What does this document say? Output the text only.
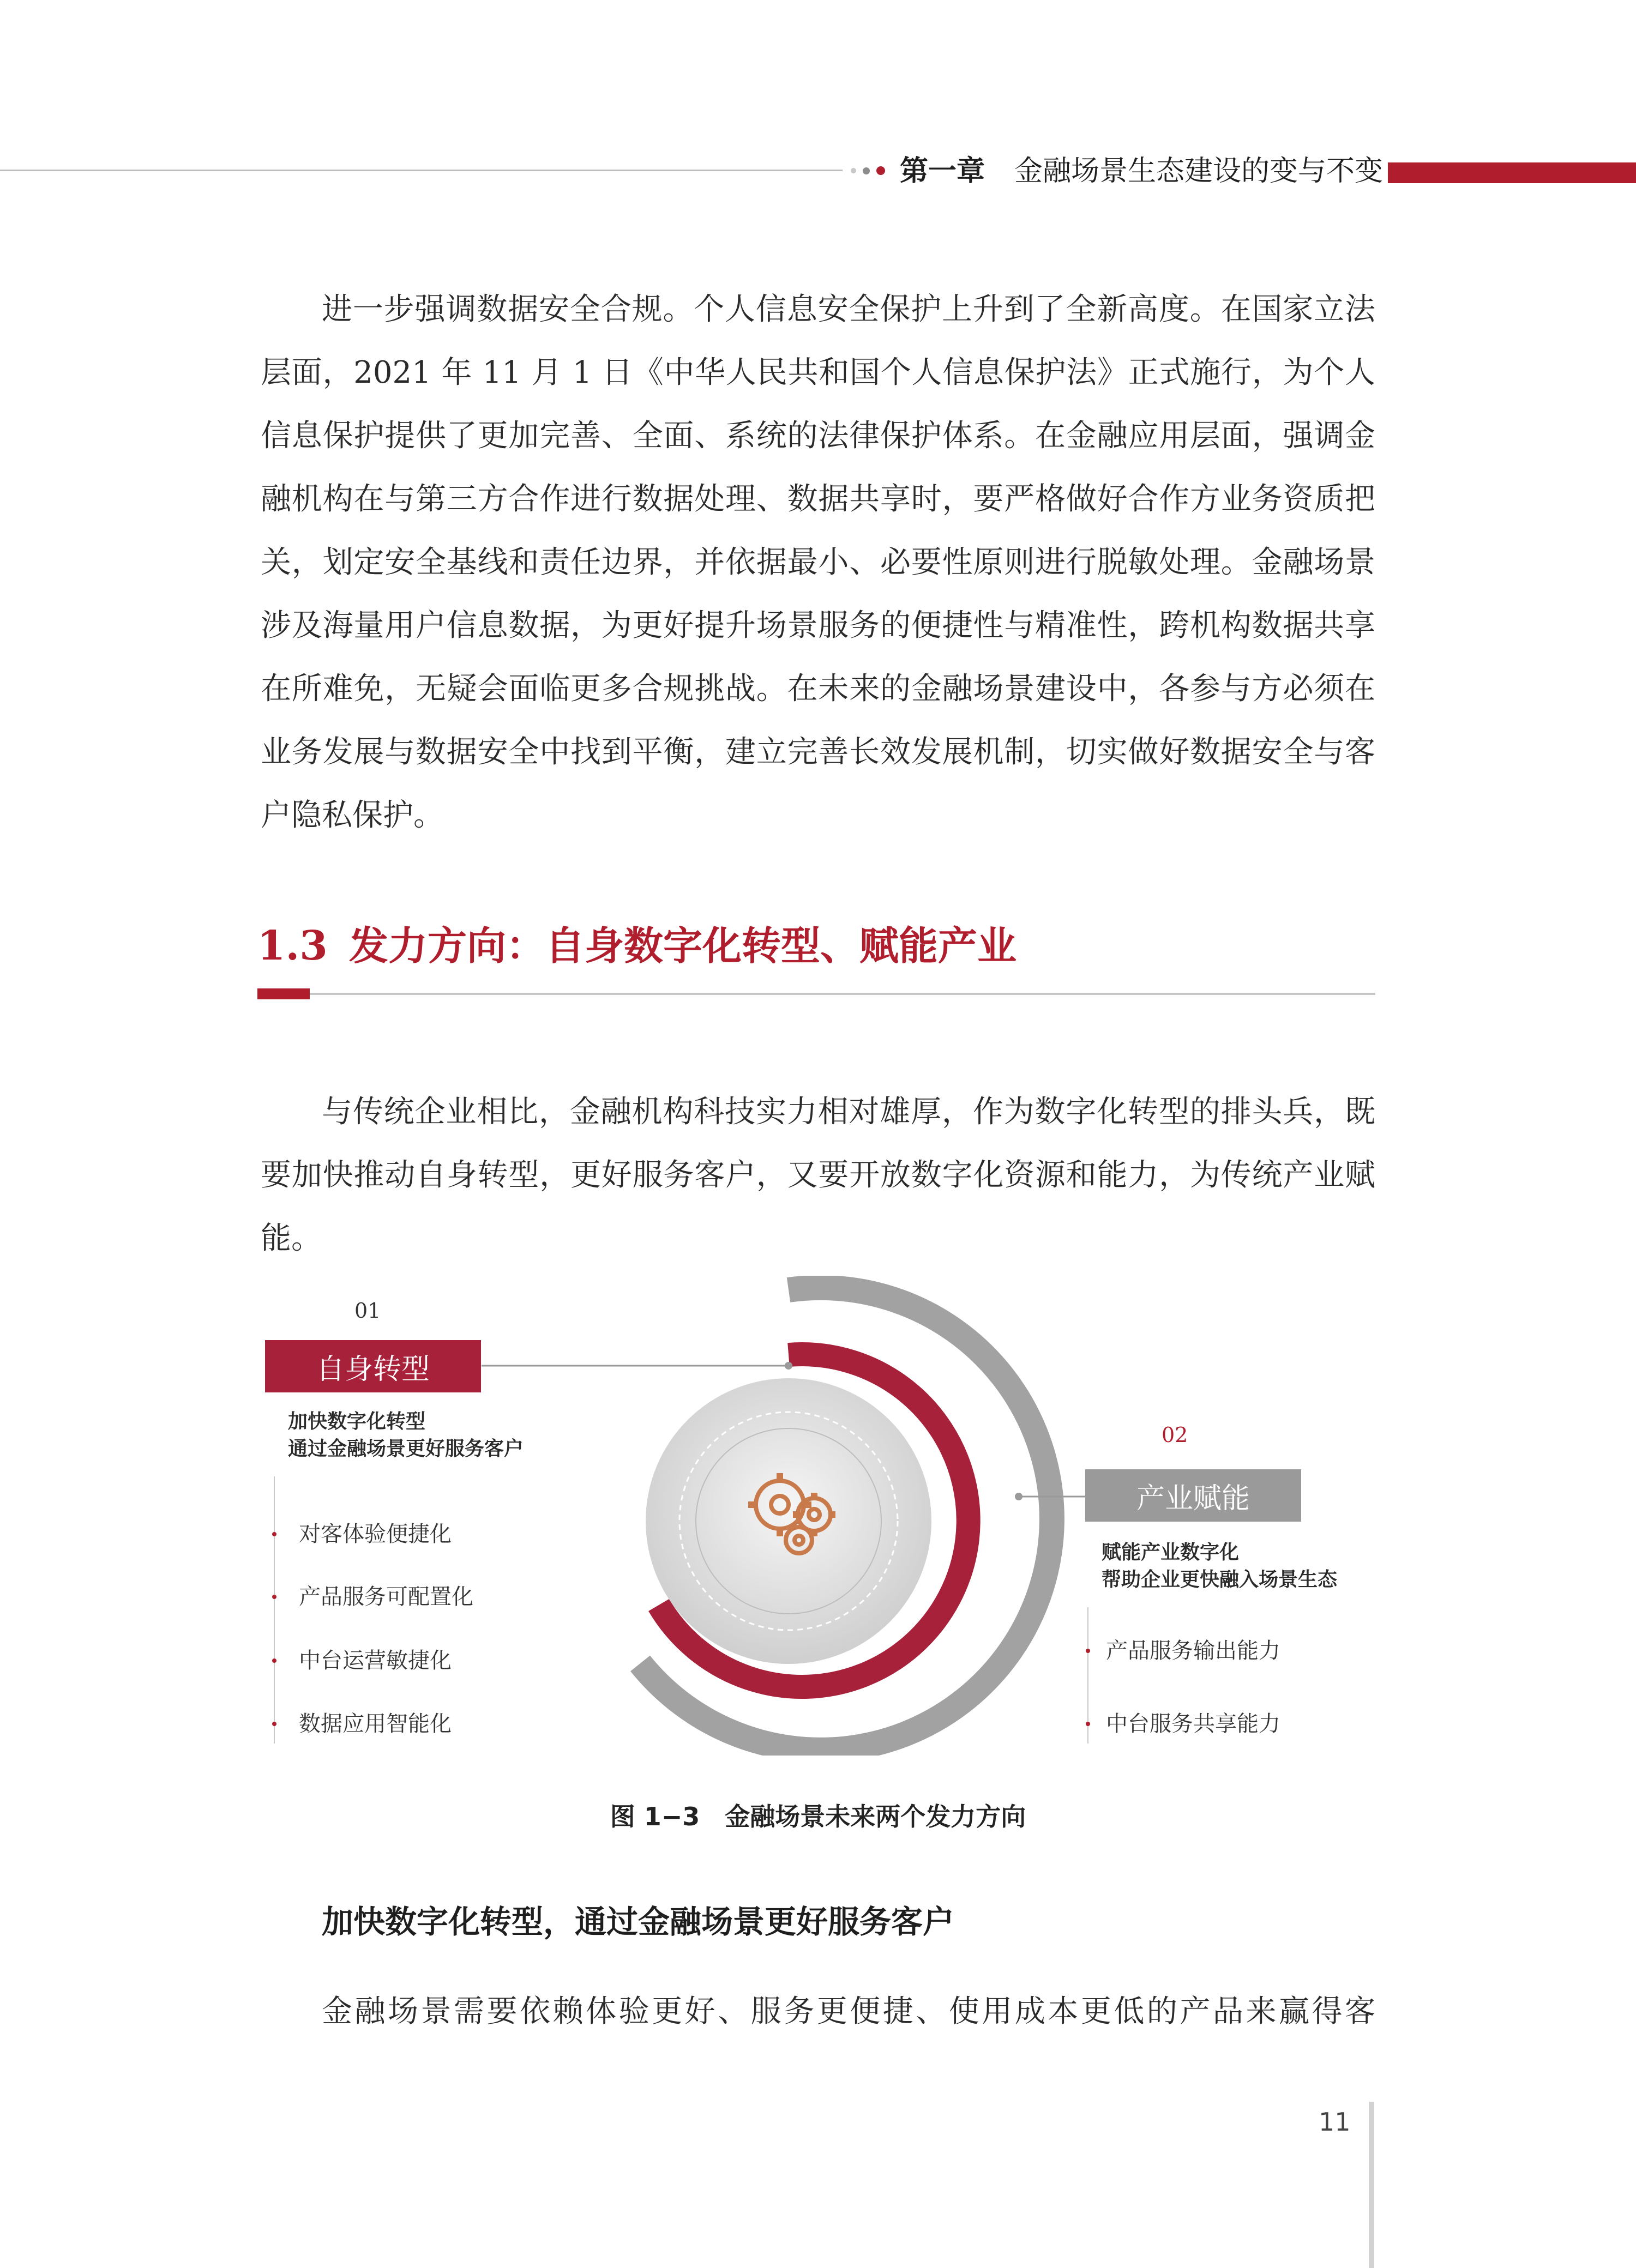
第一章 金融场景生态建设的变与不变

进一步强调数据安全合规。个人信息安全保护上升到了全新高度。在国家立法层面，2021 年 11 月 1 日《中华人民共和国个人信息保护法》正式施行，为个人信息保护提供了更加完善、全面、系统的法律保护体系。在金融应用层面，强调金融机构在与第三方合作进行数据处理、数据共享时，要严格做好合作方业务资质把关，划定安全基线和责任边界，并依据最小、必要性原则进行脱敏处理。金融场景涉及海量用户信息数据，为更好提升场景服务的便捷性与精准性，跨机构数据共享在所难免，无疑会面临更多合规挑战。在未来的金融场景建设中，各参与方必须在业务发展与数据安全中找到平衡，建立完善长效发展机制，切实做好数据安全与客户隐私保护。

1.3 发力方向：自身数字化转型、赋能产业

与传统企业相比，金融机构科技实力相对雄厚，作为数字化转型的排头兵，既要加快推动自身转型，更好服务客户，又要开放数字化资源和能力，为传统产业赋能。

01
自身转型
加快数字化转型
通过金融场景更好服务客户
对客体验便捷化
产品服务可配置化
中台运营敏捷化
数据应用智能化
02
产业赋能
赋能产业数字化
帮助企业更快融入场景生态
产品服务输出能力
中台服务共享能力
图 1−3　金融场景未来两个发力方向
加快数字化转型，通过金融场景更好服务客户

金融场景需要依赖体验更好、服务更便捷、使用成本更低的产品来赢得客

11
